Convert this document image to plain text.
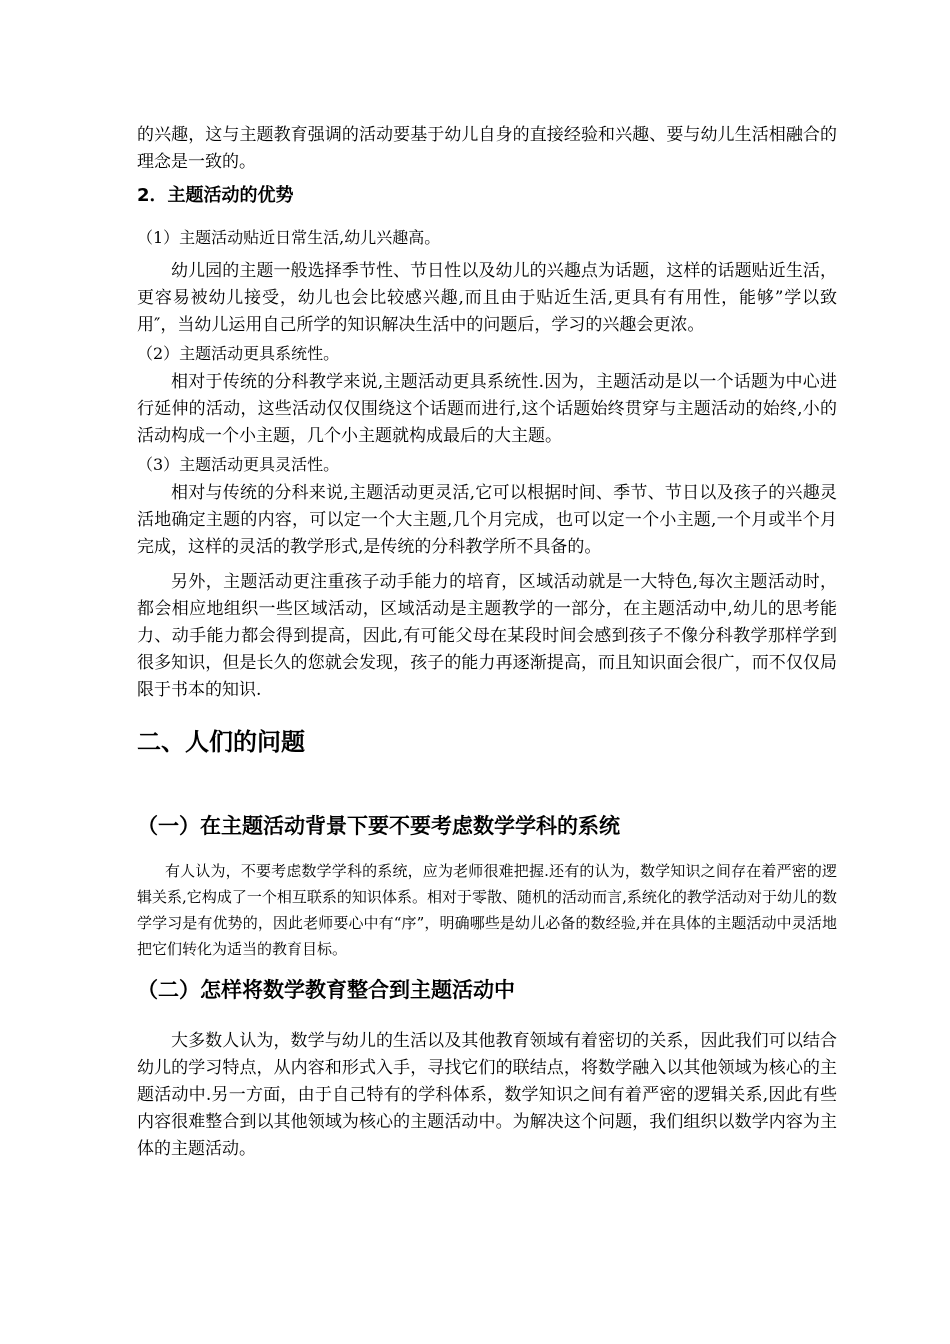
的兴趣，这与主题教育强调的活动要基于幼儿自身的直接经验和兴趣、要与幼儿生活相融合的理念是一致的。

2．主题活动的优势
（1）主题活动贴近日常生活,幼儿兴趣高。

幼儿园的主题一般选择季节性、节日性以及幼儿的兴趣点为话题，这样的话题贴近生活，更容易被幼儿接受，幼儿也会比较感兴趣,而且由于贴近生活,更具有有用性，能够”学以致用″，当幼儿运用自己所学的知识解决生活中的问题后，学习的兴趣会更浓。

（2）主题活动更具系统性。

相对于传统的分科教学来说,主题活动更具系统性.因为，主题活动是以一个话题为中心进行延伸的活动，这些活动仅仅围绕这个话题而进行,这个话题始终贯穿与主题活动的始终,小的活动构成一个小主题，几个小主题就构成最后的大主题。

（3）主题活动更具灵活性。

相对与传统的分科来说,主题活动更灵活,它可以根据时间、季节、节日以及孩子的兴趣灵活地确定主题的内容，可以定一个大主题,几个月完成，也可以定一个小主题,一个月或半个月完成，这样的灵活的教学形式,是传统的分科教学所不具备的。

另外，主题活动更注重孩子动手能力的培育，区域活动就是一大特色,每次主题活动时，都会相应地组织一些区域活动，区域活动是主题教学的一部分，在主题活动中,幼儿的思考能力、动手能力都会得到提高，因此,有可能父母在某段时间会感到孩子不像分科教学那样学到很多知识，但是长久的您就会发现，孩子的能力再逐渐提高，而且知识面会很广，而不仅仅局限于书本的知识.

二、人们的问题
（一）在主题活动背景下要不要考虑数学学科的系统

有人认为，不要考虑数学学科的系统，应为老师很难把握.还有的认为，数学知识之间存在着严密的逻辑关系,它构成了一个相互联系的知识体系。相对于零散、随机的活动而言,系统化的教学活动对于幼儿的数学学习是有优势的，因此老师要心中有“序”，明确哪些是幼儿必备的数经验,并在具体的主题活动中灵活地把它们转化为适当的教育目标。

（二）怎样将数学教育整合到主题活动中

大多数人认为，数学与幼儿的生活以及其他教育领域有着密切的关系，因此我们可以结合幼儿的学习特点，从内容和形式入手，寻找它们的联结点，将数学融入以其他领域为核心的主题活动中.另一方面，由于自己特有的学科体系，数学知识之间有着严密的逻辑关系,因此有些内容很难整合到以其他领域为核心的主题活动中。为解决这个问题，我们组织以数学内容为主体的主题活动。
